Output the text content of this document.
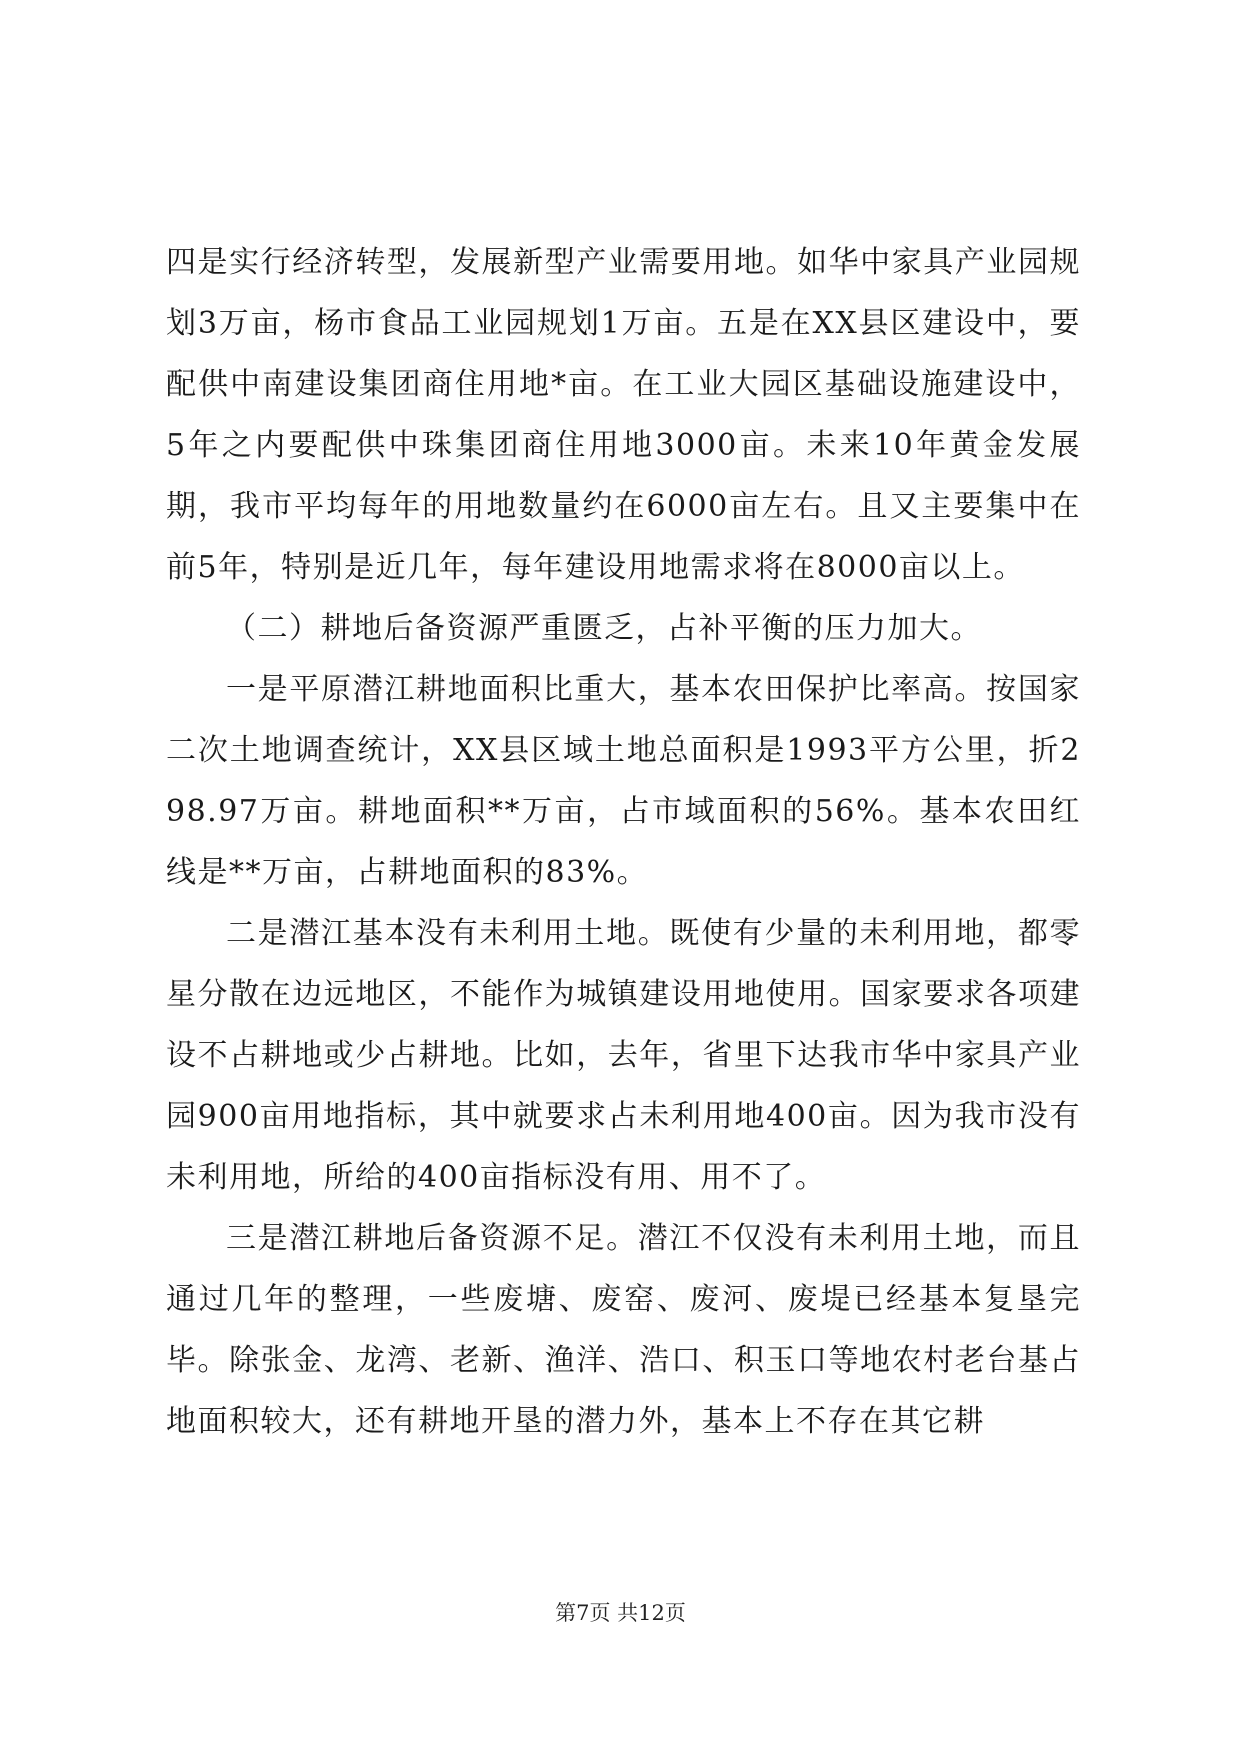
四是实行经济转型，发展新型产业需要用地。如华中家具产业园规划3万亩，杨市食品工业园规划1万亩。五是在XX县区建设中，要配供中南建设集团商住用地*亩。在工业大园区基础设施建设中，5年之内要配供中珠集团商住用地3000亩。未来10年黄金发展期，我市平均每年的用地数量约在6000亩左右。且又主要集中在前5年，特别是近几年，每年建设用地需求将在8000亩以上。

（二）耕地后备资源严重匮乏，占补平衡的压力加大。

一是平原潜江耕地面积比重大，基本农田保护比率高。按国家二次土地调查统计，XX县区域土地总面积是1993平方公里，折298.97万亩。耕地面积**万亩，占市域面积的56%。基本农田红线是**万亩，占耕地面积的83%。

二是潜江基本没有未利用土地。既使有少量的未利用地，都零星分散在边远地区，不能作为城镇建设用地使用。国家要求各项建设不占耕地或少占耕地。比如，去年，省里下达我市华中家具产业园900亩用地指标，其中就要求占未利用地400亩。因为我市没有未利用地，所给的400亩指标没有用、用不了。

三是潜江耕地后备资源不足。潜江不仅没有未利用土地，而且通过几年的整理，一些废塘、废窑、废河、废堤已经基本复垦完毕。除张金、龙湾、老新、渔洋、浩口、积玉口等地农村老台基占地面积较大，还有耕地开垦的潜力外，基本上不存在其它耕

第7页 共12页
